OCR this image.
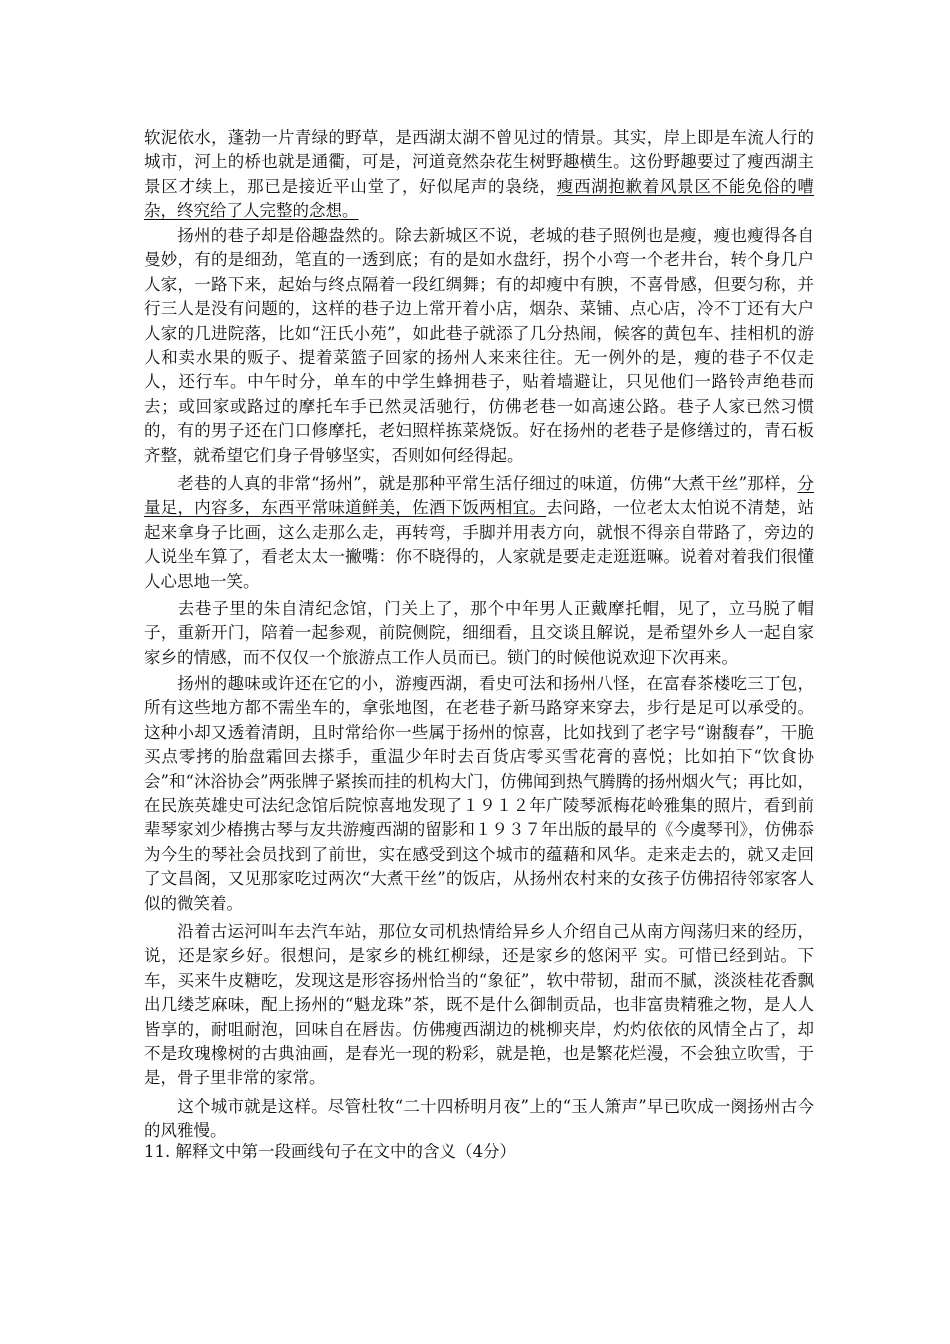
软泥依水，蓬勃一片青绿的野草，是西湖太湖不曾见过的情景。其实，岸上即是车流人行的城市，河上的桥也就是通衢，可是，河道竟然杂花生树野趣横生。这份野趣要过了瘦西湖主景区才续上，那已是接近平山堂了，好似尾声的袅绕，瘦西湖抱歉着风景区不能免俗的嘈杂，终究给了人完整的念想。
扬州的巷子却是俗趣盎然的。除去新城区不说，老城的巷子照例也是瘦，瘦也瘦得各自曼妙，有的是细劲，笔直的一透到底；有的是如水盘纡，拐个小弯一个老井台，转个身几户人家，一路下来，起始与终点隔着一段红绸舞；有的却瘦中有腴，不喜骨感，但要匀称，并行三人是没有问题的，这样的巷子边上常开着小店，烟杂、菜铺、点心店，冷不丁还有大户人家的几进院落，比如“汪氏小苑”，如此巷子就添了几分热闹，候客的黄包车、挂相机的游人和卖水果的贩子、提着菜篮子回家的扬州人来来往往。无一例外的是，瘦的巷子不仅走人，还行车。中午时分，单车的中学生蜂拥巷子，贴着墙避让，只见他们一路铃声绝巷而去；或回家或路过的摩托车手已然灵活驰行，仿佛老巷一如高速公路。巷子人家已然习惯的，有的男子还在门口修摩托，老妇照样拣菜烧饭。好在扬州的老巷子是修缮过的，青石板齐整，就希望它们身子骨够坚实，否则如何经得起。
老巷的人真的非常“扬州”，就是那种平常生活仔细过的味道，仿佛“大煮干丝”那样，分量足，内容多，东西平常味道鲜美，佐酒下饭两相宜。去问路，一位老太太怕说不清楚，站起来拿身子比画，这么走那么走，再转弯，手脚并用表方向，就恨不得亲自带路了，旁边的人说坐车算了，看老太太一撇嘴：你不晓得的，人家就是要走走逛逛嘛。说着对着我们很懂人心思地一笑。
去巷子里的朱自清纪念馆，门关上了，那个中年男人正戴摩托帽，见了，立马脱了帽子，重新开门，陪着一起参观，前院侧院，细细看，且交谈且解说，是希望外乡人一起自家家乡的情感，而不仅仅一个旅游点工作人员而已。锁门的时候他说欢迎下次再来。
扬州的趣味或许还在它的小，游瘦西湖，看史可法和扬州八怪，在富春茶楼吃三丁包，所有这些地方都不需坐车的，拿张地图，在老巷子新马路穿来穿去，步行是足可以承受的。这种小却又透着清朗，且时常给你一些属于扬州的惊喜，比如找到了老字号“谢馥春”，干脆买点零拷的胎盘霜回去搽手，重温少年时去百货店零买雪花膏的喜悦；比如拍下“饮食协会”和“沐浴协会”两张牌子紧挨而挂的机构大门，仿佛闻到热气腾腾的扬州烟火气；再比如，在民族英雄史可法纪念馆后院惊喜地发现了１９１２年广陵琴派梅花岭雅集的照片，看到前辈琴家刘少椿携古琴与友共游瘦西湖的留影和１９３７年出版的最早的《今虞琴刊》，仿佛忝为今生的琴社会员找到了前世，实在感受到这个城市的蕴藉和风华。走来走去的，就又走回了文昌阁，又见那家吃过两次“大煮干丝”的饭店，从扬州农村来的女孩子仿佛招待邻家客人似的微笑着。
沿着古运河叫车去汽车站，那位女司机热情给异乡人介绍自己从南方闯荡归来的经历，说，还是家乡好。很想问，是家乡的桃红柳绿，还是家乡的悠闲平 实。可惜已经到站。下车，买来牛皮糖吃，发现这是形容扬州恰当的“象征”，软中带韧，甜而不腻，淡淡桂花香飘出几缕芝麻味，配上扬州的“魁龙珠”茶，既不是什么御制贡品，也非富贵精雅之物，是人人皆享的，耐咀耐泡，回味自在唇齿。仿佛瘦西湖边的桃柳夹岸，灼灼依依的风情全占了，却不是玫瑰橡树的古典油画，是春光一现的粉彩，就是艳，也是繁花烂漫，不会独立吹雪，于是，骨子里非常的家常。
这个城市就是这样。尽管杜牧“二十四桥明月夜”上的“玉人箫声”早已吹成一阕扬州古今的风雅慢。
11. 解释文中第一段画线句子在文中的含义（4分）
